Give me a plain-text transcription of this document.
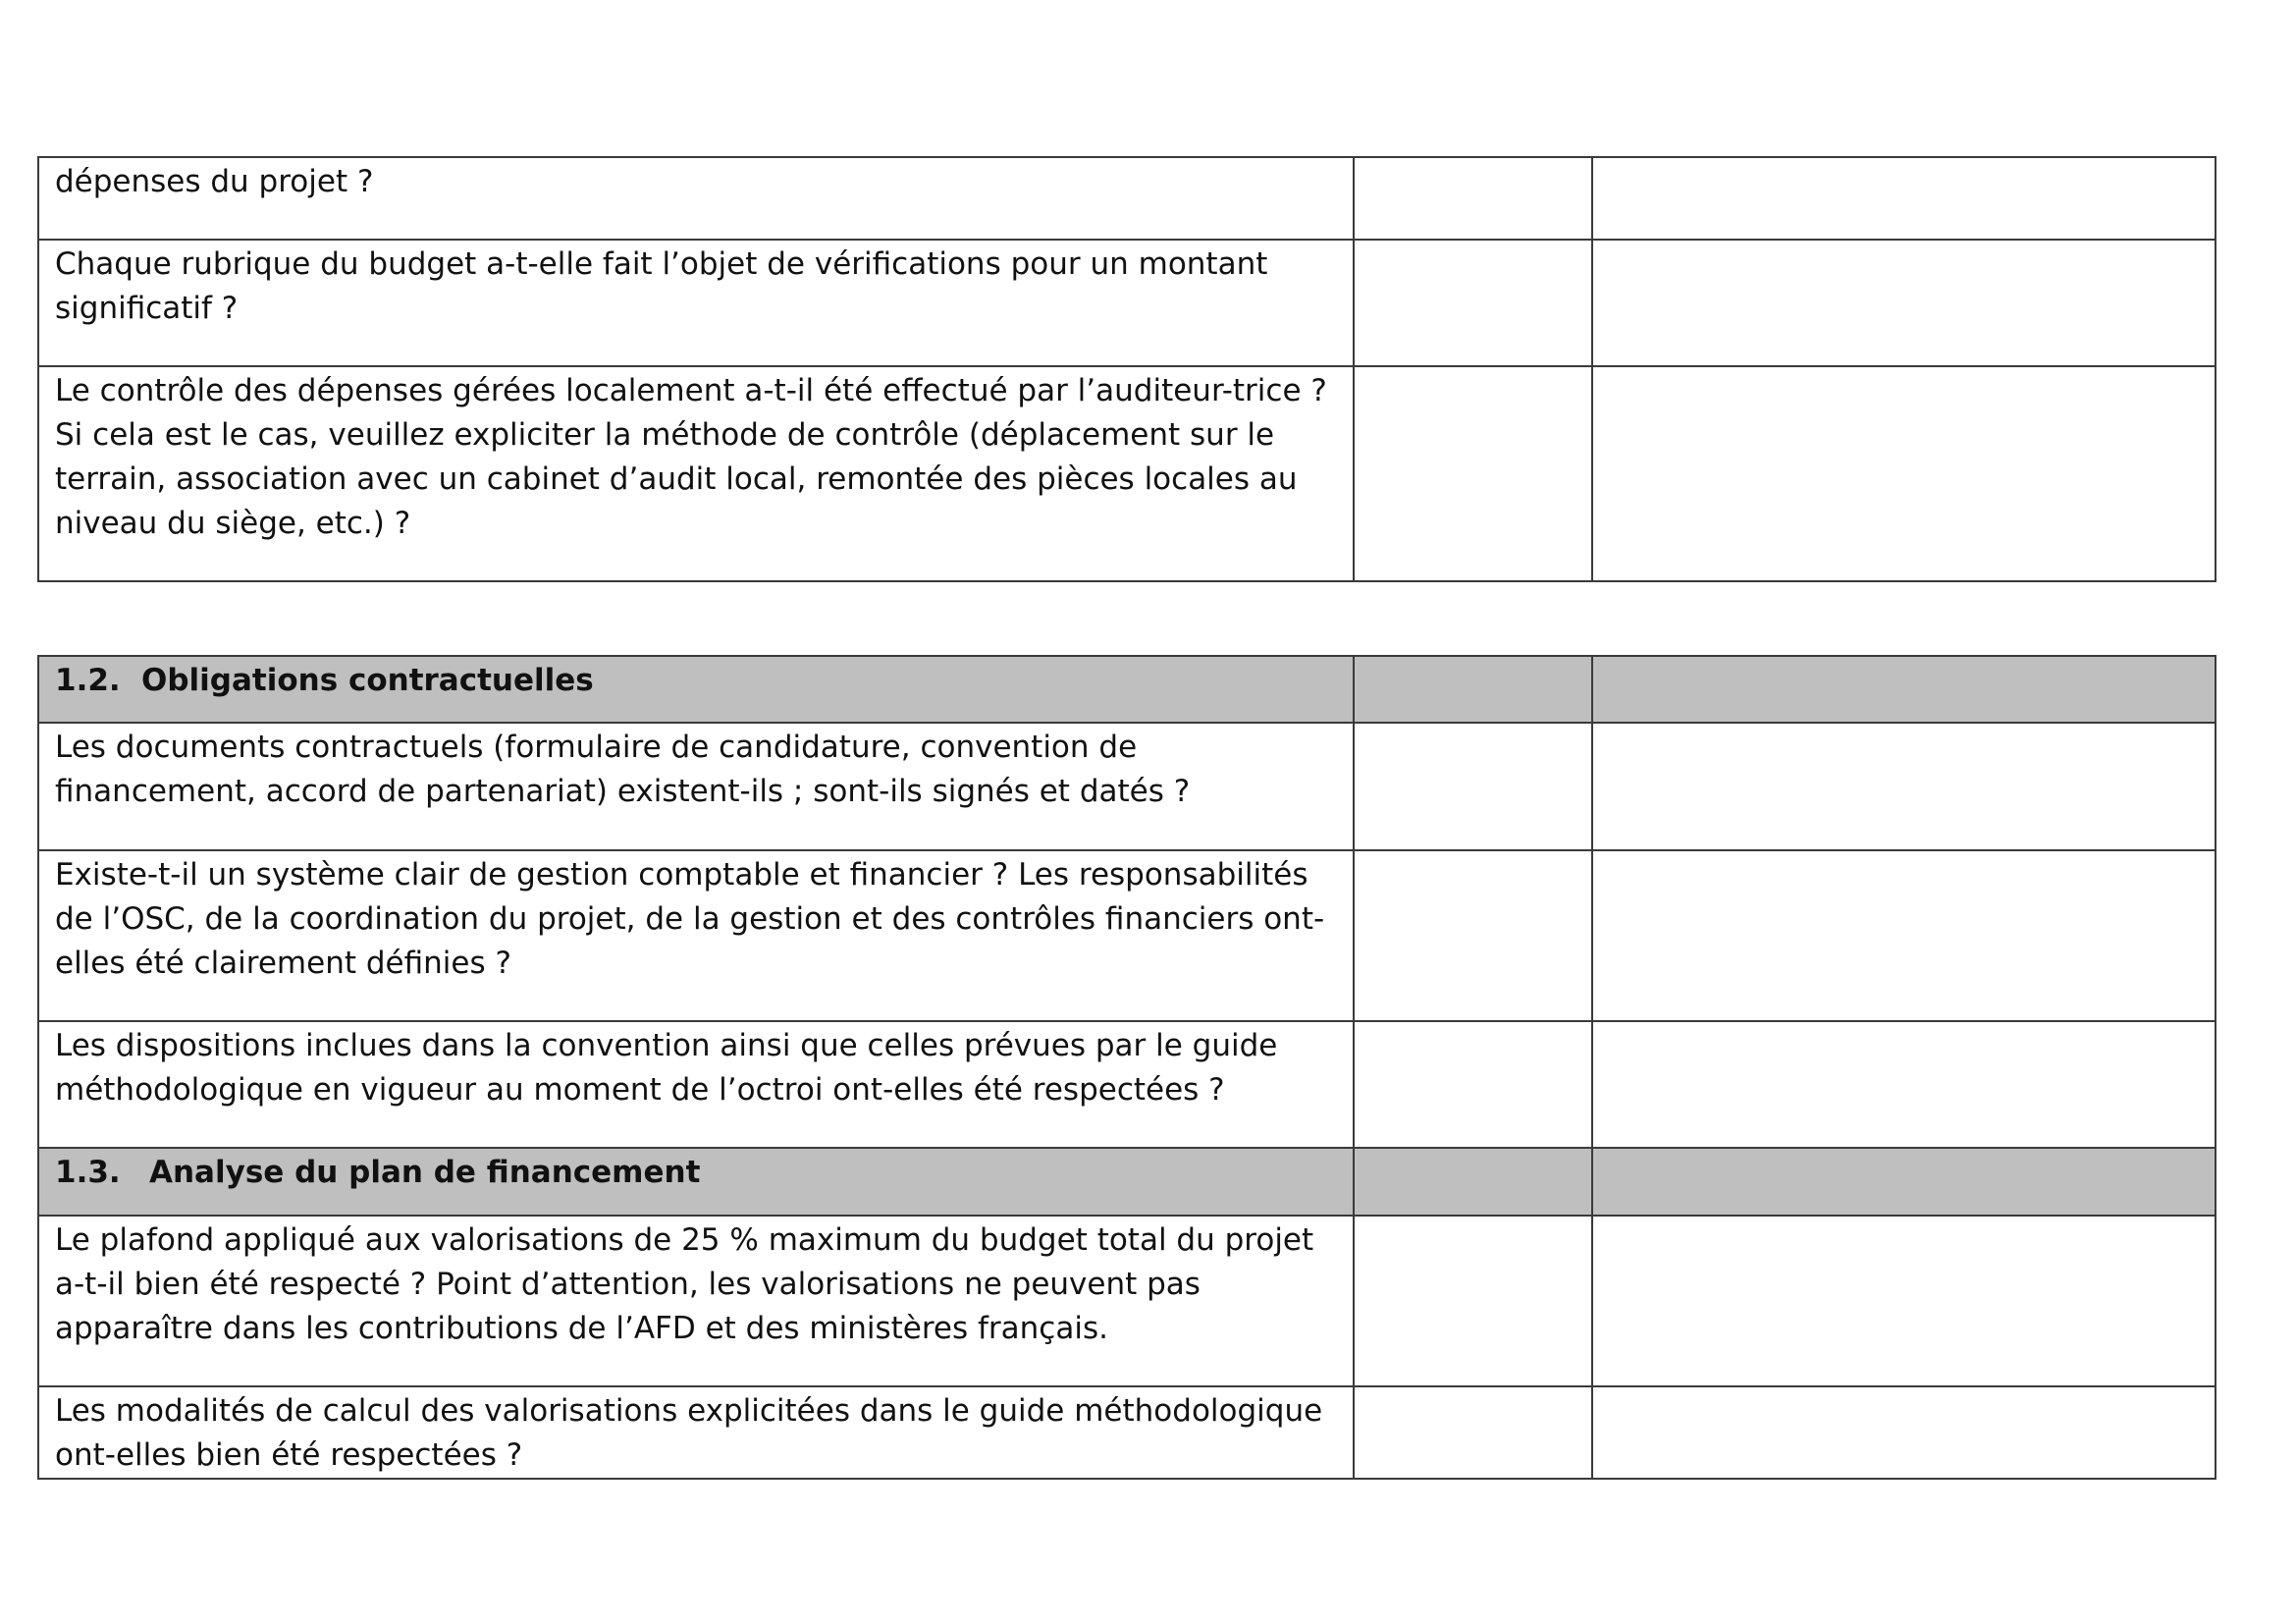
dépenses du projet ?		

Chaque rubrique du budget a-t-elle fait l’objet de vérifications pour un montant significatif ?		

Le contrôle des dépenses gérées localement a-t-il été effectué par l’auditeur-trice ? Si cela est le cas, veuillez expliciter la méthode de contrôle (déplacement sur le terrain, association avec un cabinet d’audit local, remontée des pièces locales au niveau du siège, etc.) ?		

1.2. Obligations contractuelles		

Les documents contractuels (formulaire de candidature, convention de financement, accord de partenariat) existent-ils ; sont-ils signés et datés ?		

Existe-t-il un système clair de gestion comptable et financier ? Les responsabilités de l’OSC, de la coordination du projet, de la gestion et des contrôles financiers ont-elles été clairement définies ?		

Les dispositions inclues dans la convention ainsi que celles prévues par le guide méthodologique en vigueur au moment de l’octroi ont-elles été respectées ?		

1.3. Analyse du plan de financement		

Le plafond appliqué aux valorisations de 25 % maximum du budget total du projet a-t-il bien été respecté ? Point d’attention, les valorisations ne peuvent pas apparaître dans les contributions de l’AFD et des ministères français.		

Les modalités de calcul des valorisations explicitées dans le guide méthodologique ont-elles bien été respectées ?		
